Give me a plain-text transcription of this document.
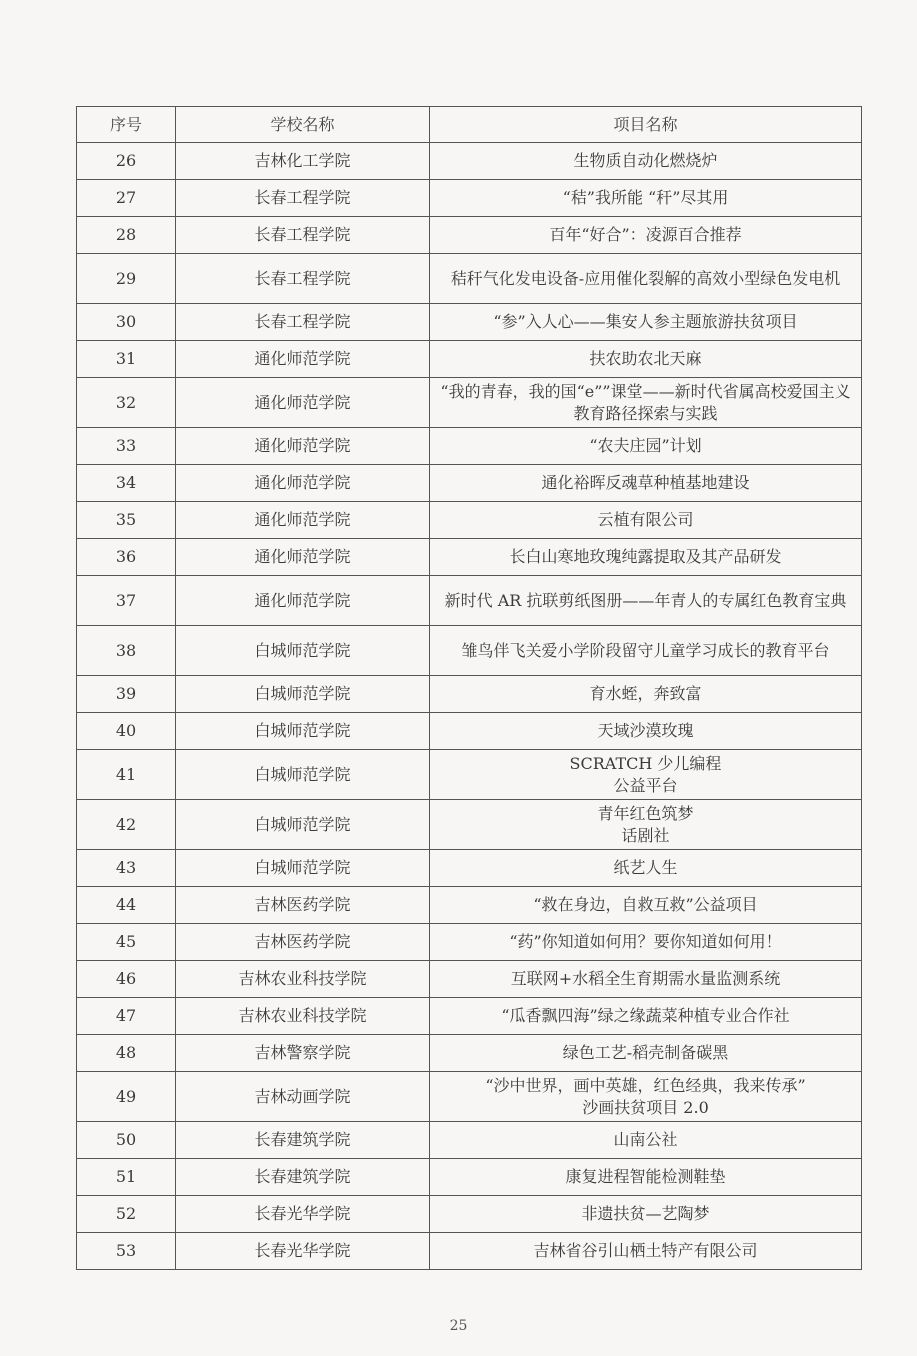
序号	学校名称	项目名称
26	吉林化工学院	生物质自动化燃烧炉
27	长春工程学院	“秸”我所能 “秆”尽其用
28	长春工程学院	百年“好合”：凌源百合推荐
29	长春工程学院	秸秆气化发电设备-应用催化裂解的高效小型绿色发电机
30	长春工程学院	“参”入人心——集安人参主题旅游扶贫项目
31	通化师范学院	扶农助农北天麻
32	通化师范学院	“我的青春，我的国“e””课堂——新时代省属高校爱国主义教育路径探索与实践
33	通化师范学院	“农夫庄园”计划
34	通化师范学院	通化裕晖反魂草种植基地建设
35	通化师范学院	云植有限公司
36	通化师范学院	长白山寒地玫瑰纯露提取及其产品研发
37	通化师范学院	新时代 AR 抗联剪纸图册——年青人的专属红色教育宝典
38	白城师范学院	雏鸟伴飞关爱小学阶段留守儿童学习成长的教育平台
39	白城师范学院	育水蛭，奔致富
40	白城师范学院	天域沙漠玫瑰
41	白城师范学院	SCRATCH 少儿编程
公益平台
42	白城师范学院	青年红色筑梦
话剧社
43	白城师范学院	纸艺人生
44	吉林医药学院	“救在身边，自救互救”公益项目
45	吉林医药学院	“药”你知道如何用？要你知道如何用！
46	吉林农业科技学院	互联网+水稻全生育期需水量监测系统
47	吉林农业科技学院	“瓜香飘四海”绿之缘蔬菜种植专业合作社
48	吉林警察学院	绿色工艺-稻壳制备碳黑
49	吉林动画学院	“沙中世界，画中英雄，红色经典，我来传承”
沙画扶贫项目 2.0
50	长春建筑学院	山南公社
51	长春建筑学院	康复进程智能检测鞋垫
52	长春光华学院	非遗扶贫—艺陶梦
53	长春光华学院	吉林省谷引山栖土特产有限公司
25
